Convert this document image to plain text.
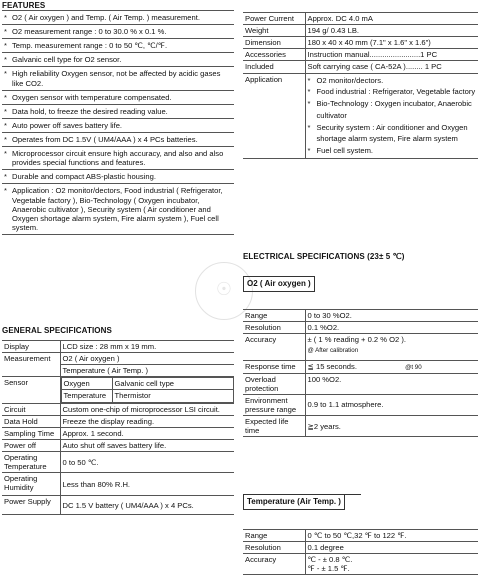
☉
FEATURES
* O2 ( Air oxygen ) and Temp. ( Air Temp. ) measurement.
* O2 measurement range : 0 to 30.0 % x 0.1 %.
* Temp. measurement range : 0 to 50 ℃, ℃/℉.
* Galvanic cell type for O2 sensor.
* High reliability Oxygen sensor, not be affected by acidic gases like CO2.
* Oxygen sensor with temperature compensated.
* Data hold, to freeze the desired reading value.
* Auto power off saves battery life.
* Operates from DC 1.5V ( UM4/AAA ) x 4 PCs batteries.
* Microprocessor circuit ensure high accuracy, and also and also provides special functions and features.
* Durable and compact ABS-plastic housing.
* Application : O2 monitor/dectors, Food industrial ( Refrigerator, Vegetable factory ), Bio-Technology ( Oxygen incubator, Anaerobic cultivator ), Security system ( Air conditioner and Oxygen shortage alarm system, Fire alarm system ), Fuel cell system.
GENERAL SPECIFICATIONS
Display	LCD size : 28 mm x 19 mm.
Measurement	O2 ( Air oxygen )
Temperature ( Air Temp. )

Sensor		Oxygen	Galvanic cell type
Temperature	Thermistor

Circuit	Custom one-chip of microprocessor LSI circuit.
Data Hold	Freeze the display reading.
Sampling Time	Approx. 1 second.
Power off	Auto shut off saves battery life.
Operating Temperature	0 to 50 ℃.
Operating Humidity	Less than 80% R.H.
Power Supply	DC 1.5 V battery ( UM4/AAA ) x 4 PCs.
Power Current	Approx. DC 4.0 mA
Weight	194 g/ 0.43 LB.
Dimension	180 x 40 x 40 mm (7.1" x 1.6" x 1.6")
Accessories	Instruction manual........................1 PC
Included	Soft carrying case ( CA-52A )........ 1 PC
Application	* O2 monitor/dectors.
* Food industrial : Refrigerator, Vegetable factory
* Bio-Technology : Oxygen incubator, Anaerobic cultivator
* Security system : Air conditioner and Oxygen shortage alarm system, Fire alarm system
* Fuel cell system.
ELECTRICAL SPECIFICATIONS (23± 5 ℃)
O2 ( Air oxygen )
Range	0 to 30 %O2.
Resolution	0.1 %O2.
Accuracy	± ( 1 % reading + 0.2 % O2 ).
@ After calibration

Response time	≦ 15 seconds. @t 90
Overload protection	100 %O2.
Environment pressure range	0.9 to 1.1 atmosphere.
Expected life time	≧2 years.
Temperature (Air Temp. )
Range	0 ℃ to 50 ℃,32 ℉ to 122 ℉.
Resolution	0.1 degree
Accuracy	℃ - ± 0.8 ℃.
℉ - ± 1.5 ℉.
